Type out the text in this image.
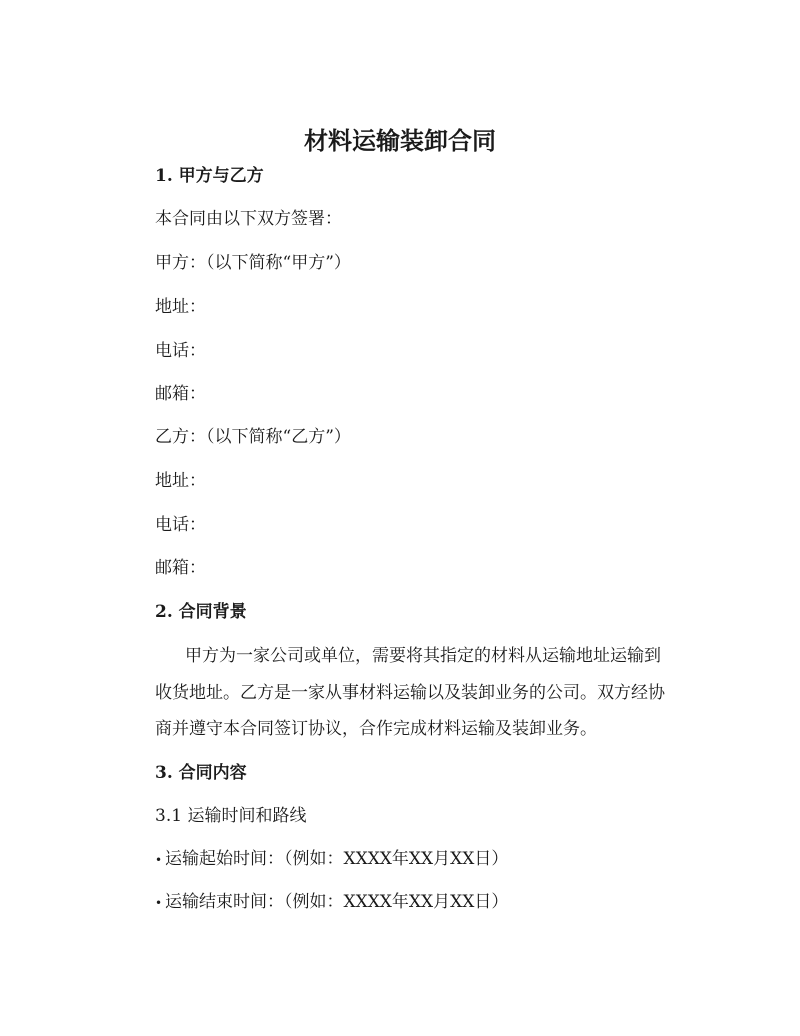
材料运输装卸合同
1. 甲方与乙方
本合同由以下双方签署：
甲方：（以下简称“甲方”）
地址：
电话：
邮箱：
乙方：（以下简称“乙方”）
地址：
电话：
邮箱：
2. 合同背景
甲方为一家公司或单位，需要将其指定的材料从运输地址运输到
收货地址。乙方是一家从事材料运输以及装卸业务的公司。双方经协
商并遵守本合同签订协议，合作完成材料运输及装卸业务。
3. 合同内容
3.1 运输时间和路线
• 运输起始时间：（例如：XXXX年XX月XX日）
• 运输结束时间：（例如：XXXX年XX月XX日）
